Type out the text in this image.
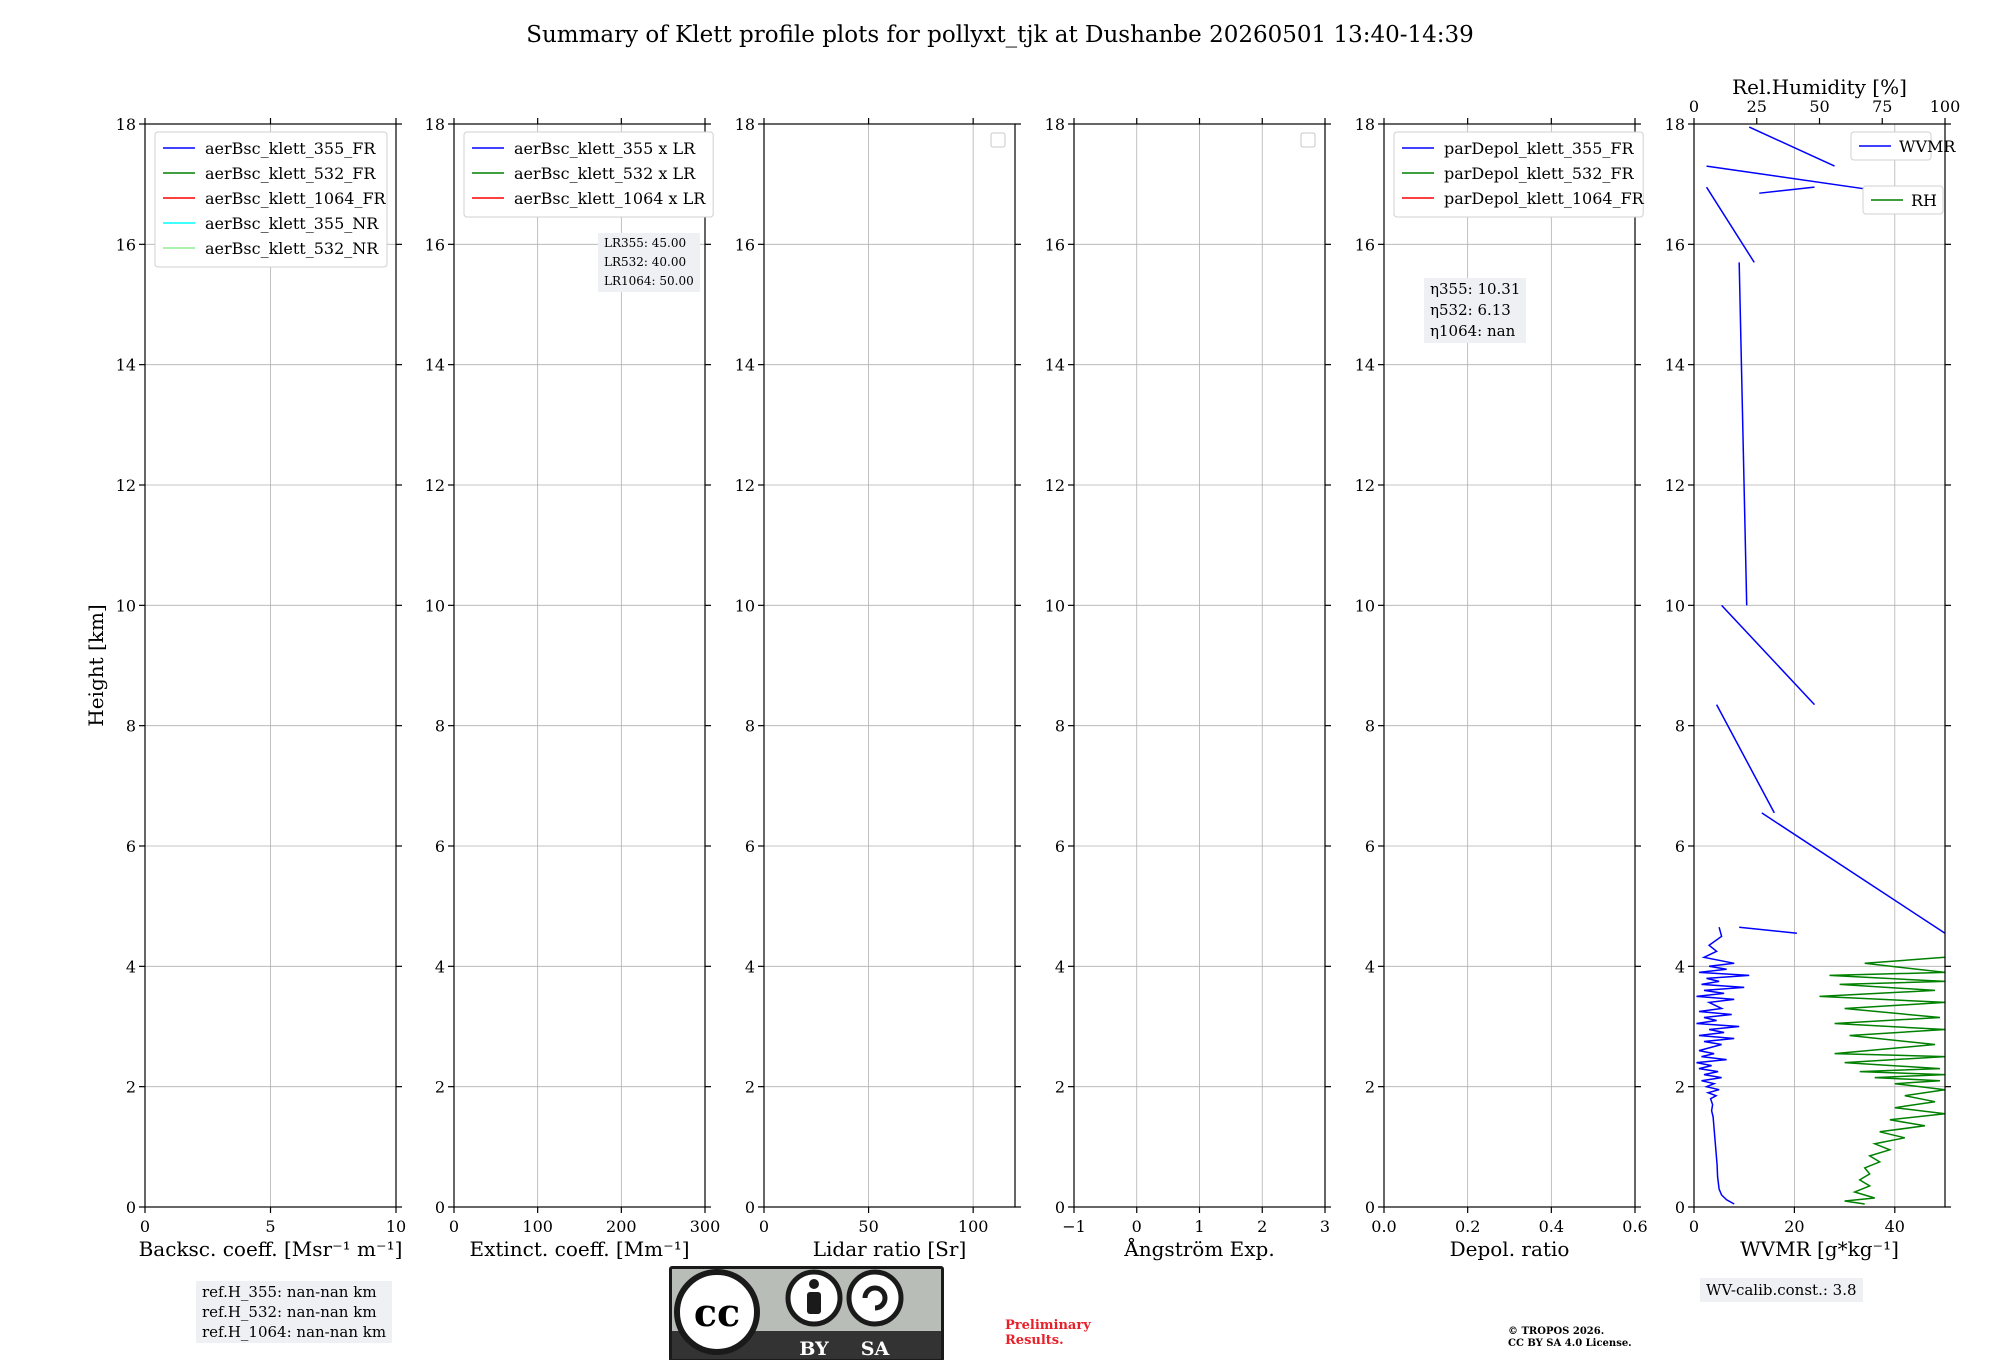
Summary of Klett profile plots for pollyxt_tjk at Dushanbe 20260501 13:40-14:39
Height [km]
0
2
4
6
8
10
12
14
16
18
0	5	10
Backsc. coeff. [Msr⁻¹ m⁻¹]
aerBsc_klett_355_FR
aerBsc_klett_532_FR
aerBsc_klett_1064_FR
aerBsc_klett_355_NR
aerBsc_klett_532_NR
0
2
4
6
8
10
12
14
16
18
0	100	200	300
Extinct. coeff. [Mm⁻¹]
aerBsc_klett_355 x LR
aerBsc_klett_532 x LR
aerBsc_klett_1064 x LR
0
2
4
6
8
10
12
14
16
18
0	50	100
Lidar ratio [Sr]
0
2
4
6
8
10
12
14
16
18
−1	0	1	2	3
Ångström Exp.
0
2
4
6
8
10
12
14
16
18
0.0	0.2	0.4	0.6
Depol. ratio
parDepol_klett_355_FR
parDepol_klett_532_FR
parDepol_klett_1064_FR
0
2
4
6
8
10
12
14
16
18
0	20	40
WVMR [g*kg⁻¹]
0	25	50	75 100
Rel.Humidity [%]
WVMR
RH
cc
BY SA
LR355: 45.00
LR532: 40.00
LR1064: 50.00	η355: 10.31
η532: 6.13
η1064: nan
ref.H_355: nan-nan km
ref.H_532: nan-nan km
ref.H_1064: nan-nan km
WV-calib.const.: 3.8
Preliminary
Results.
© TROPOS 2026.
CC BY SA 4.0 License.
